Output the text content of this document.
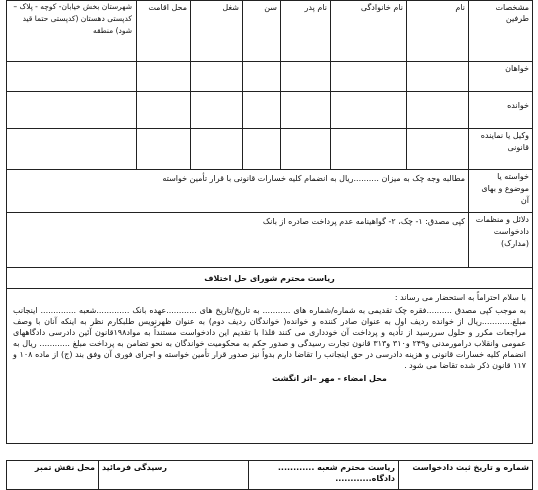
مشخصات طرفین	نام	نام خانوادگی	نام پدر	سن	شغل	محل اقامت	شهرستان بخش خیابان- کوچه - پلاک – کدپستی دهستان (کدپستی حتما قید شود) منطقه
خواهان							
خوانده							
وکیل یا نماینده قانونی							
خواسته یا موضوع و بهای آن	مطالبه وجه چک به میزان ..........ریال به انضمام کلیه خسارات قانونی با قرار تأمین خواسته						
دلائل و منظمات دادخواست (مدارک)	کپی مصدق: ۱- چک، ۲- گواهینامه عدم پرداخت صادره از بانک						
ریاست محترم شورای حل اختلاف							

با سلام احتراماً به استحضار می رساند :
به موجب کپی مصدق ..........فقره چک تقدیمی به شماره/شماره های ........... به تاریخ/تاریخ های ............عهده بانک .............شعبه .............. اینجانب مبلغ............ریال از خوانده ردیف اول به عنوان صادر کننده و خوانده( خواندگان ردیف دوم) به عنوان ظهرنویس طلبکارم نظر به اینکه آنان با وصف مراجعات مکرر و حلول سررسید از تأدیه و پرداخت آن خودداری می کنند فلذا با تقدیم این دادخواست مستنداً به مواد۱۹۸قانون آئین دادرسی دادگاههای عمومی وانقلاب درامورمدنی و۲۴۹ و۳۱۰ و۳۱۳ قانون تجارت رسیدگی و صدور حکم به محکومیت خواندگان به نحو تضامن به پرداخت مبلغ ............ ریال به انضمام کلیه خسارات قانونی و هزینه دادرسی در حق اینجانب را تقاضا دارم بدواً نیز صدور قرار تأمین خواسته و اجرای فوری آن وفق بند (ج) از ماده ۱۰۸ و ۱۱۷ قانون ذکر شده تقاضا می شود .
محل امضاء - مهر –اثر انگشت							
شماره و تاریخ ثبت دادخواست	ریاست محترم شعبه ............ دادگاه............	رسیدگی فرمائید	محل نقش تمبر
